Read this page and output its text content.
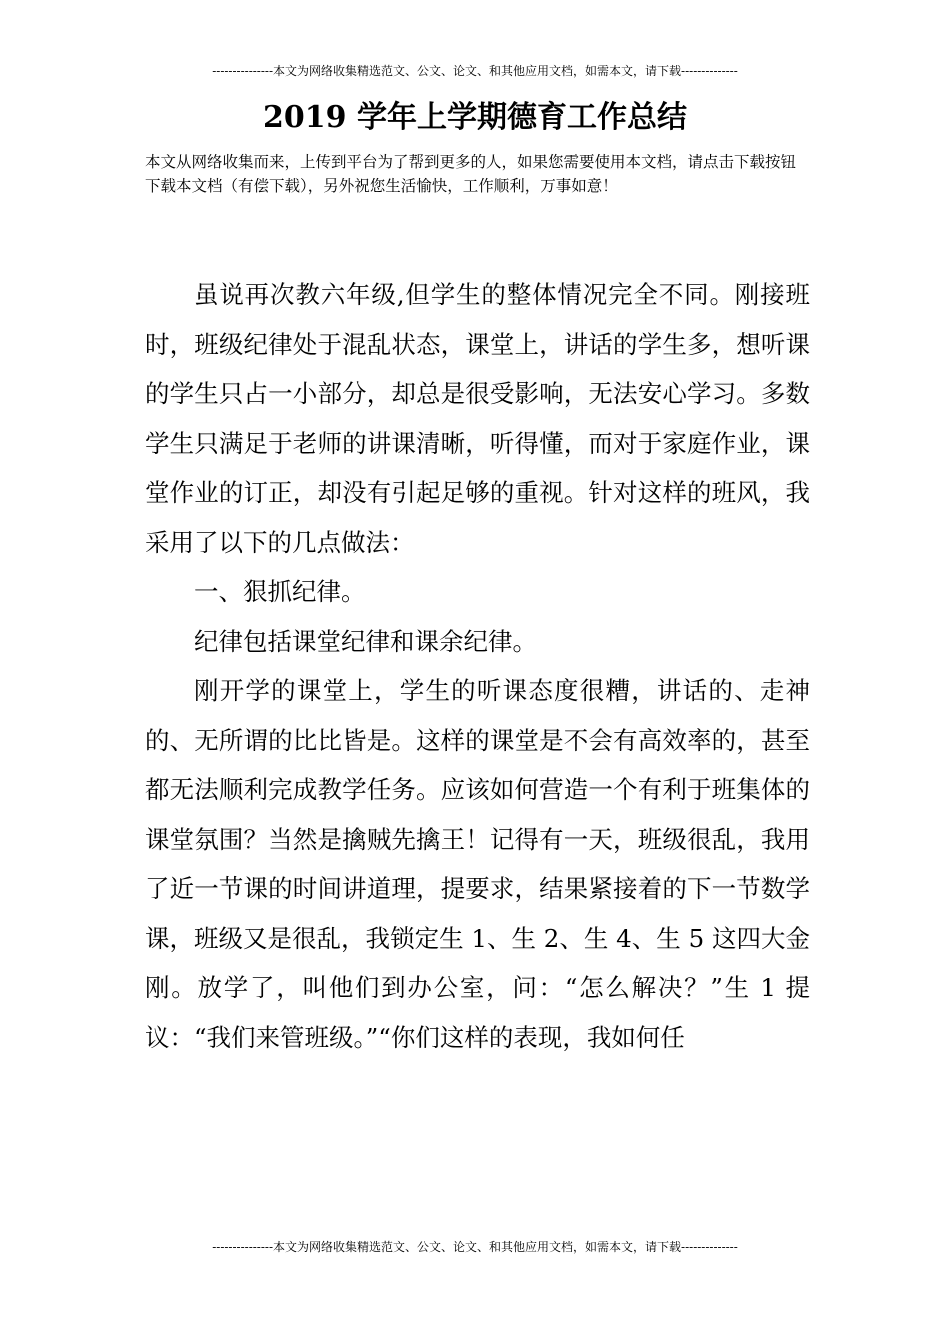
---------------本文为网络收集精选范文、公文、论文、和其他应用文档，如需本文，请下载--------------
2019 学年上学期德育工作总结

本文从网络收集而来，上传到平台为了帮到更多的人，如果您需要使用本文档，请点击下载按钮下载本文档（有偿下载），另外祝您生活愉快，工作顺利，万事如意！

虽说再次教六年级,但学生的整体情况完全不同。刚接班时，班级纪律处于混乱状态，课堂上，讲话的学生多，想听课的学生只占一小部分，却总是很受影响，无法安心学习。多数学生只满足于老师的讲课清晰，听得懂，而对于家庭作业，课堂作业的订正，却没有引起足够的重视。针对这样的班风，我采用了以下的几点做法：

一、狠抓纪律。

纪律包括课堂纪律和课余纪律。

刚开学的课堂上，学生的听课态度很糟，讲话的、走神的、无所谓的比比皆是。这样的课堂是不会有高效率的，甚至都无法顺利完成教学任务。应该如何营造一个有利于班集体的课堂氛围？当然是擒贼先擒王！记得有一天，班级很乱，我用了近一节课的时间讲道理，提要求，结果紧接着的下一节数学课，班级又是很乱，我锁定生 1、生 2、生 4、生 5 这四大金刚。放学了，叫他们到办公室，问：“怎么解决？”生 1 提议：“我们来管班级。”“你们这样的表现，我如何任

---------------本文为网络收集精选范文、公文、论文、和其他应用文档，如需本文，请下载--------------
